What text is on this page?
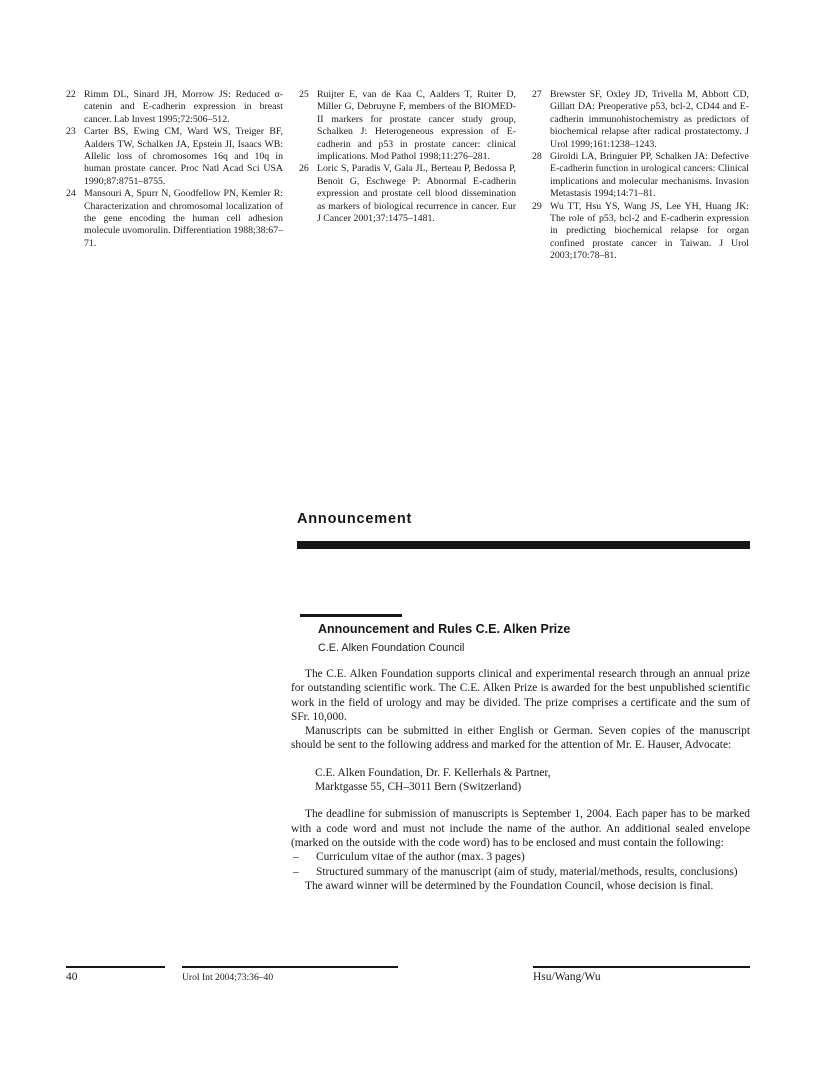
22 Rimm DL, Sinard JH, Morrow JS: Reduced α-catenin and E-cadherin expression in breast cancer. Lab Invest 1995;72:506–512.
23 Carter BS, Ewing CM, Ward WS, Treiger BF, Aalders TW, Schalken JA, Epstein JI, Isaacs WB: Allelic loss of chromosomes 16q and 10q in human prostate cancer. Proc Natl Acad Sci USA 1990;87:8751–8755.
24 Mansouri A, Spurr N, Goodfellow PN, Kemler R: Characterization and chromosomal localization of the gene encoding the human cell adhesion molecule uvomorulin. Differentiation 1988;38:67–71.
25 Ruijter E, van de Kaa C, Aalders T, Ruiter D, Miller G, Debruyne F, members of the BIOMED-II markers for prostate cancer study group, Schalken J: Heterogeneous expression of E-cadherin and p53 in prostate cancer: clinical implications. Mod Pathol 1998;11:276–281.
26 Loric S, Paradis V, Gala JL, Berteau P, Bedossa P, Benoit G, Eschwege P: Abnormal E-cadherin expression and prostate cell blood dissemination as markers of biological recurrence in cancer. Eur J Cancer 2001;37:1475–1481.
27 Brewster SF, Oxley JD, Trivella M, Abbott CD, Gillatt DA: Preoperative p53, bcl-2, CD44 and E-cadherin immunohistochemistry as predictors of biochemical relapse after radical prostatectomy. J Urol 1999;161:1238–1243.
28 Giroldi LA, Bringuier PP, Schalken JA: Defective E-cadherin function in urological cancers: Clinical implications and molecular mechanisms. Invasion Metastasis 1994;14:71–81.
29 Wu TT, Hsu YS, Wang JS, Lee YH, Huang JK: The role of p53, bcl-2 and E-cadherin expression in predicting biochemical relapse for organ confined prostate cancer in Taiwan. J Urol 2003;170:78–81.
Announcement
Announcement and Rules C.E. Alken Prize
C.E. Alken Foundation Council

The C.E. Alken Foundation supports clinical and experimental research through an annual prize for outstanding scientific work. The C.E. Alken Prize is awarded for the best unpublished scientific work in the field of urology and may be divided. The prize comprises a certificate and the sum of SFr. 10,000.

Manuscripts can be submitted in either English or German. Seven copies of the manuscript should be sent to the following address and marked for the attention of Mr. E. Hauser, Advocate:

C.E. Alken Foundation, Dr. F. Kellerhals & Partner,
Marktgasse 55, CH–3011 Bern (Switzerland)

The deadline for submission of manuscripts is September 1, 2004. Each paper has to be marked with a code word and must not include the name of the author. An additional sealed envelope (marked on the outside with the code word) has to be enclosed and must contain the following:

–	Curriculum vitae of the author (max. 3 pages)
–	Structured summary of the manuscript (aim of study, material/methods, results, conclusions)

The award winner will be determined by the Foundation Council, whose decision is final.

40	Urol Int 2004;73:36–40	Hsu/Wang/Wu
